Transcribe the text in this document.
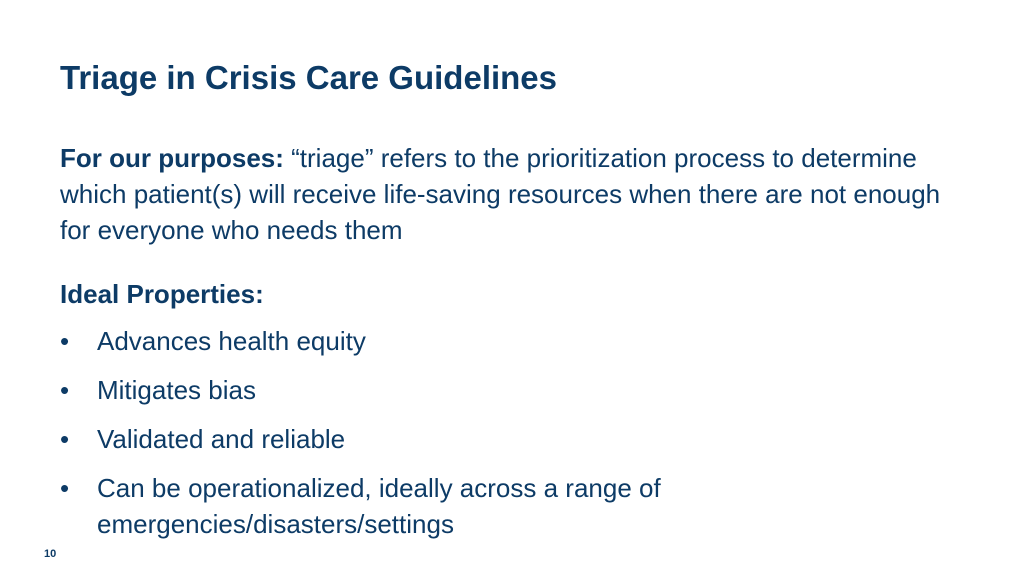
Triage in Crisis Care Guidelines

For our purposes: “triage” refers to the prioritization process to determine which patient(s) will receive life-saving resources when there are not enough for everyone who needs them

Ideal Properties:
•	Advances health equity
•	Mitigates bias
•	Validated and reliable
•	Can be operationalized, ideally across a range of emergencies/disasters/settings
10
